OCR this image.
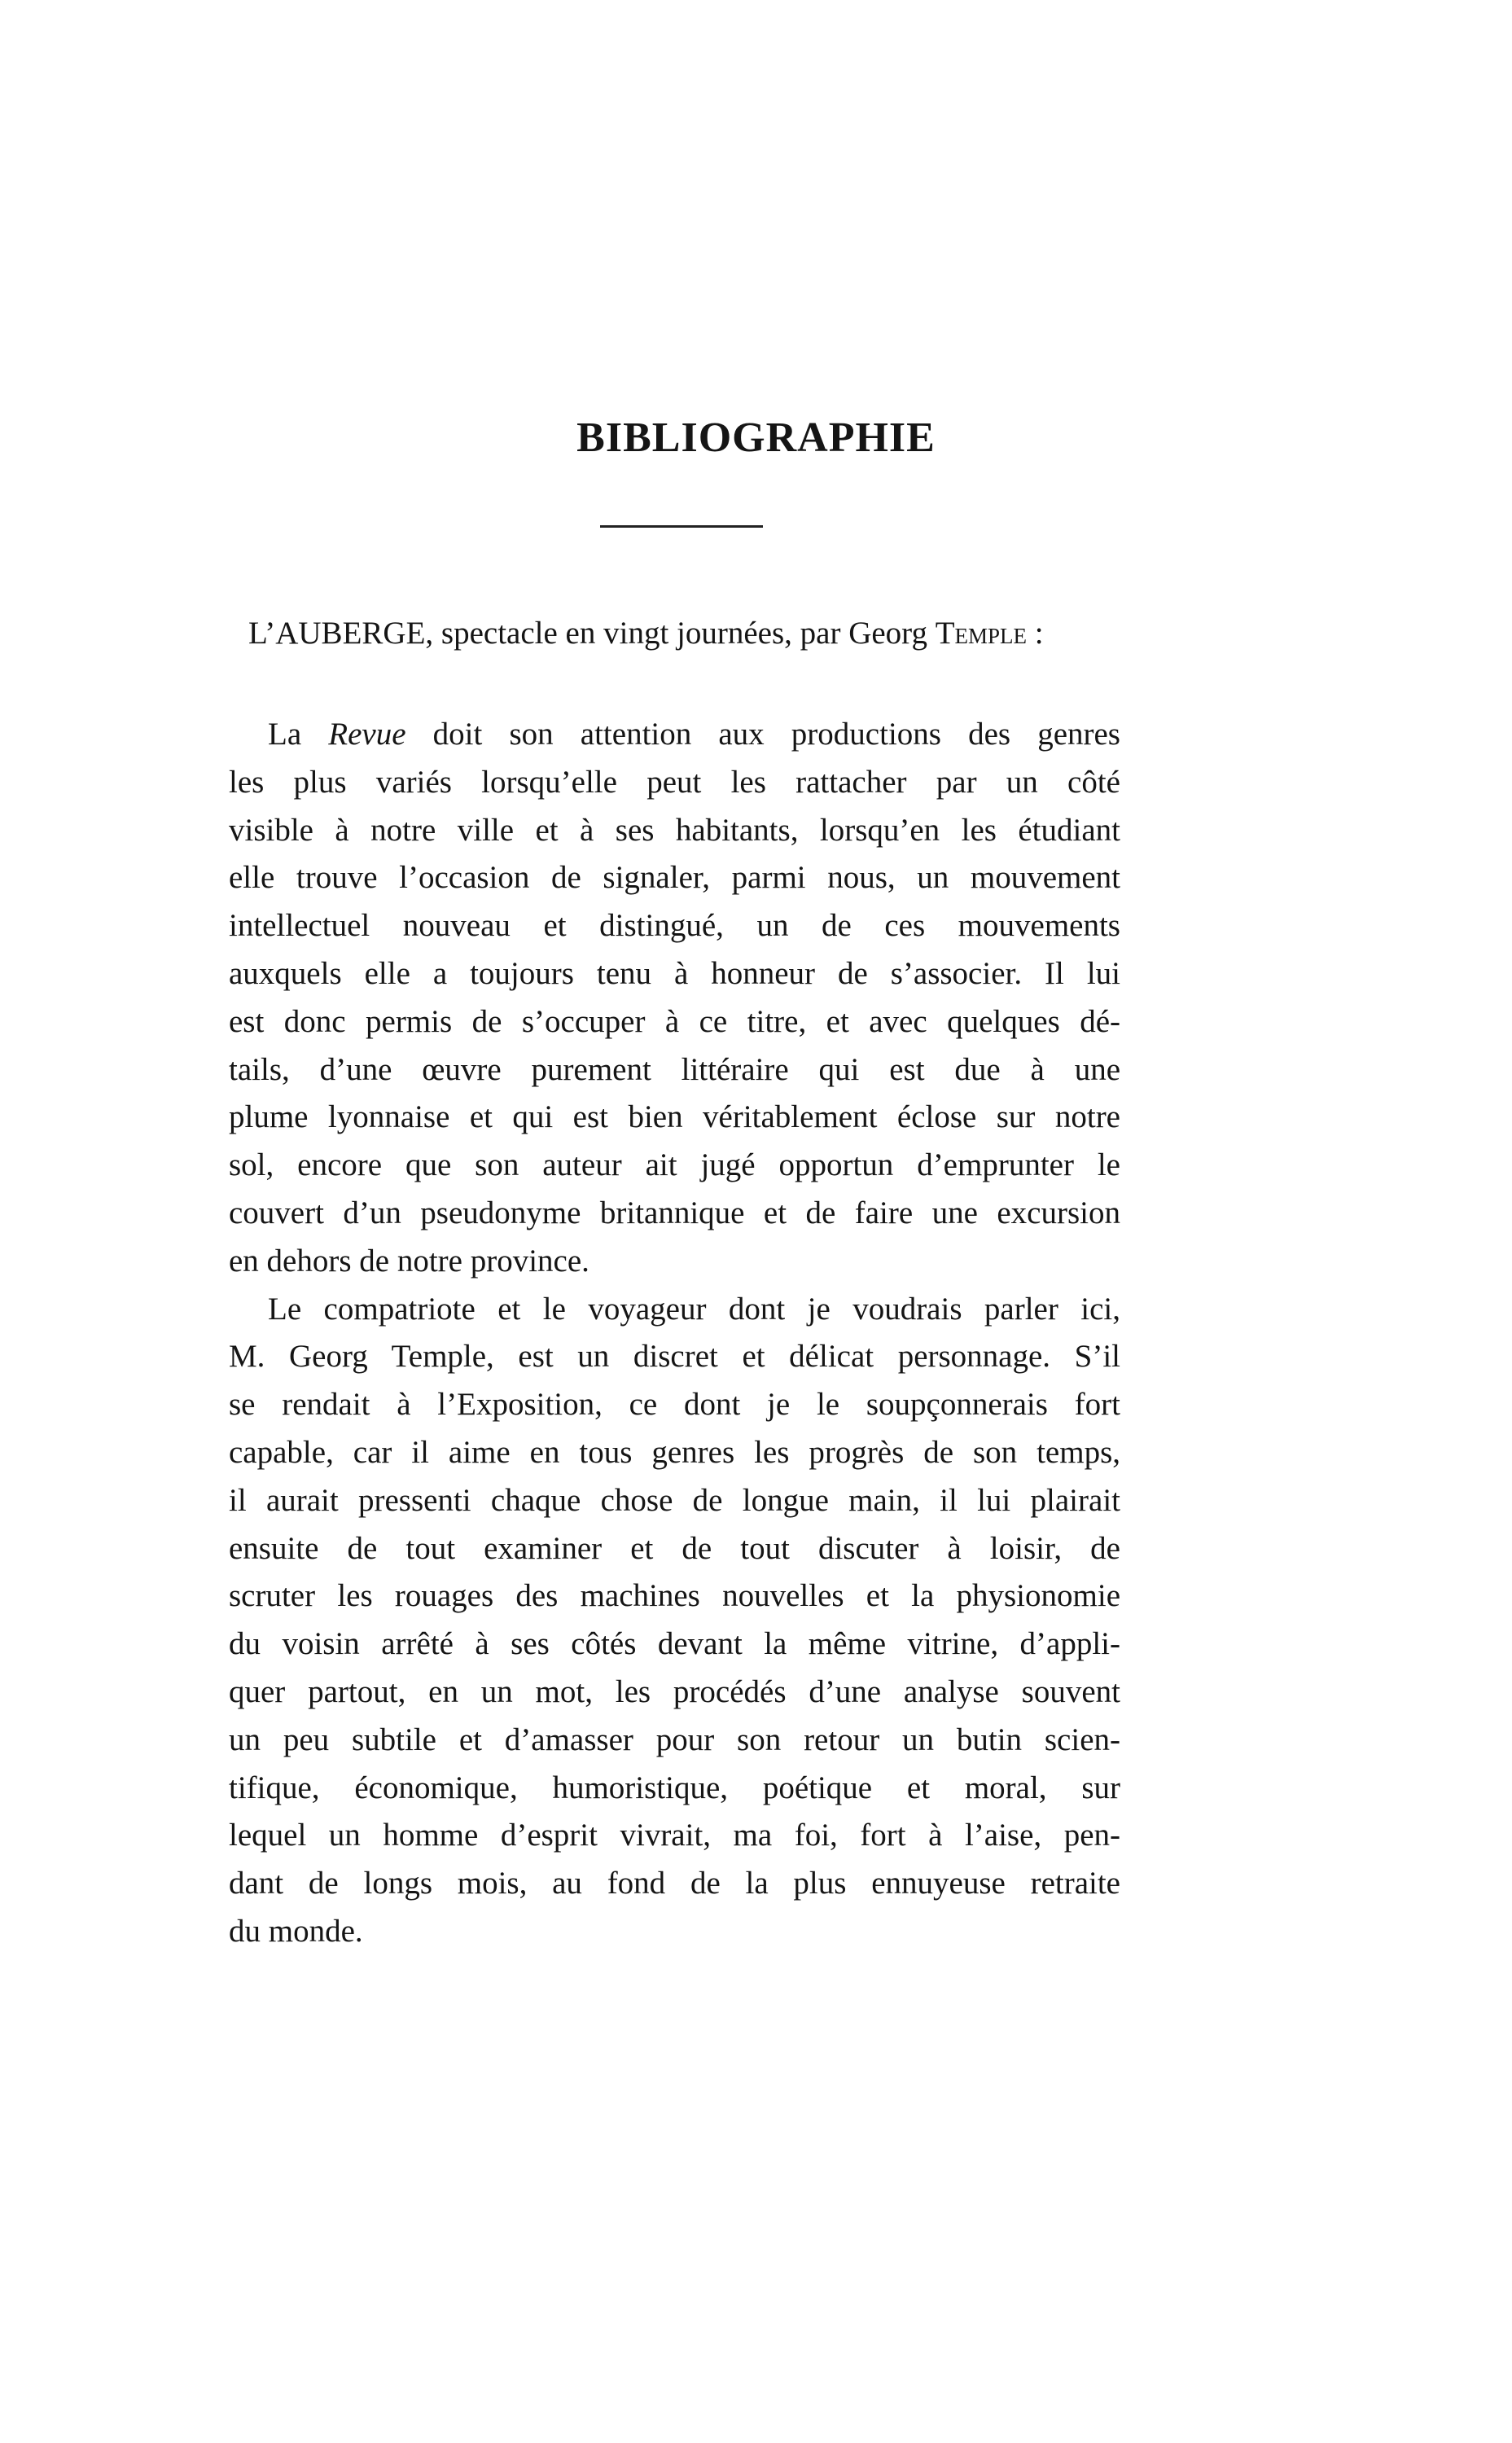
BIBLIOGRAPHIE

L’AUBERGE, spectacle en vingt journées, par Georg Temple :

La Revue doit son attention aux productions des genres
les plus variés lorsqu’elle peut les rattacher par un côté
visible à notre ville et à ses habitants, lorsqu’en les étudiant
elle trouve l’occasion de signaler, parmi nous, un mouvement
intellectuel nouveau et distingué, un de ces mouvements
auxquels elle a toujours tenu à honneur de s’associer. Il lui
est donc permis de s’occuper à ce titre, et avec quelques dé-
tails, d’une œuvre purement littéraire qui est due à une
plume lyonnaise et qui est bien véritablement éclose sur notre
sol, encore que son auteur ait jugé opportun d’emprunter le
couvert d’un pseudonyme britannique et de faire une excursion
en dehors de notre province.

Le compatriote et le voyageur dont je voudrais parler ici,
M. Georg Temple, est un discret et délicat personnage. S’il
se rendait à l’Exposition, ce dont je le soupçonnerais fort
capable, car il aime en tous genres les progrès de son temps,
il aurait pressenti chaque chose de longue main, il lui plairait
ensuite de tout examiner et de tout discuter à loisir, de
scruter les rouages des machines nouvelles et la physionomie
du voisin arrêté à ses côtés devant la même vitrine, d’appli-
quer partout, en un mot, les procédés d’une analyse souvent
un peu subtile et d’amasser pour son retour un butin scien-
tifique, économique, humoristique, poétique et moral, sur
lequel un homme d’esprit vivrait, ma foi, fort à l’aise, pen-
dant de longs mois, au fond de la plus ennuyeuse retraite
du monde.
